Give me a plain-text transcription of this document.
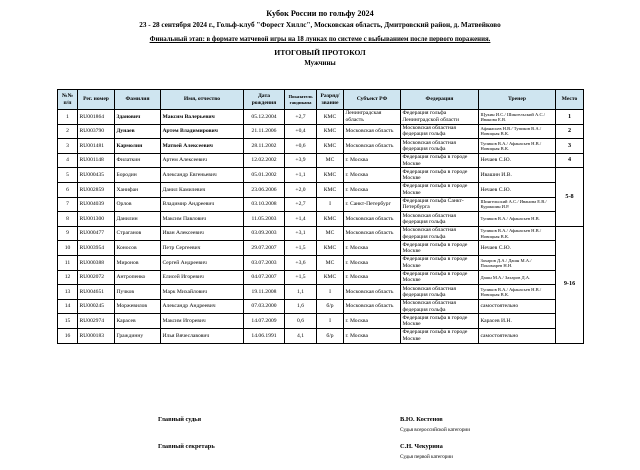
Кубок России по гольфу 2024
23 - 28 сентября 2024 г., Гольф-клуб "Форест Хиллс", Московская область, Дмитровский район, д. Матвейково
Финальный этап: в формате матчевой игры на 18 лунках по системе с выбыванием после первого поражения.
ИТОГОВЫЙ ПРОТОКОЛ
Мужчины
№№ п/п	Рег. номер	Фамилия	Имя, отчество	Дата рождения	Показатель гандикапа	Разряд/ звание	Субъект РФ	Федерация	Тренер	Место
1	RU001864	Зданович	Максим Валерьевич	05.12.2004	+2,7	КМС	Ленинградская область	Федерация гольфа Ленинградской области	Щукин И.С./ Шингельский А.С./ Иванова Е.В.	1
2	RU003790	Дунаев	Артем Владимирович	21.11.2006	+0,4	КМС	Московская область	Московская областная федерация гольфа	Афанасьев Н.В./ Тупиков В.А./ Новицкая В.К.	2
3	RU001481	Кармолин	Матвей Алексеевич	28.11.2002	+0,6	КМС	Московская область	Московская областная федерация гольфа	Тупиков В.А./ Афанасьев Н.В./ Новицкая В.К.	3
4	RU001148	Филаткин	Артем Алексеевич	12.02.2002	+3,9	МС	г. Москва	Федерация гольфа в городе Москве	Нечаев С.Ю.	4
5	RU000435	Бородин	Александр Евгеньевич	05.01.2002	+1,1	КМС	г. Москва	Федерация гольфа в городе Москве	Ивашин И.В.	5-8
6	RU002859	Ханифан	Данил Камилевич	23.06.2006	+2,0	КМС	г. Москва	Федерация гольфа в городе Москве	Нечаев С.Ю.	
7	RU004039	Орлов	Владимир Андреевич	03.10.2008	+2,7	I	г. Санкт-Петербург	Федерация гольфа Санкт-Петербурга	Шингельский А.С./ Иванова Е.В./ Куракшин И.Р.	
8	RU001300	Данилин	Максим Павлович	11.05.2003	+1,4	КМС	Московская область	Московская областная федерация гольфа	Тупиков В.А./ Афанасьев Н.В.	
9	RU000477	Страганов	Иван Алексеевич	03.09.2003	+3,1	МС	Московская область	Московская областная федерация гольфа	Тупиков В.А./ Афанасьев Н.В./ Новицкая В.К.	9-16
10	RU003954	Коносов	Петр Сергеевич	29.07.2007	+1,5	КМС	г. Москва	Федерация гольфа в городе Москве	Нечаев С.Ю.	
11	RU000388	Миронов	Сергей Андреевич	03.07.2003	+3,6	МС	г. Москва	Федерация гольфа в городе Москве	Захаров Д.А./ Дашн М.А./ Пономарев Н.Н.	
12	RU002072	Антропенко	Елисей Игоревич	04.07.2007	+1,5	КМС	г. Москва	Федерация гольфа в городе Москве	Дашн М.А./ Захаров Д.А.	
13	RU004651	Пучков	Марк Михайлович	19.11.2008	1,1	I	Московская область	Московская областная федерация гольфа	Тупиков В.А./ Афанасьев Н.В./ Новицкая В.К.	
14	RU000245	Моржевилов	Александр Андреевич	07.03.2000	1,6	б/р	Московская область	Московская областная федерация гольфа	самостоятельно	
15	RU002974	Карасев	Максим Игоревич	14.07.2009	0,6	I	г. Москва	Федерация гольфа в городе Москве	Карасев И.Н.	
16	RU000183	Граждинну	Илья Вячеславович	14.06.1991	4,1	б/р	г. Москва	Федерация гольфа в городе Москве	самостоятельно	
Главный судья	В.Ю. Костенов
Судья всероссийской категории
Главный секретарь	С.Н. Чекурина
Судья первой категории
